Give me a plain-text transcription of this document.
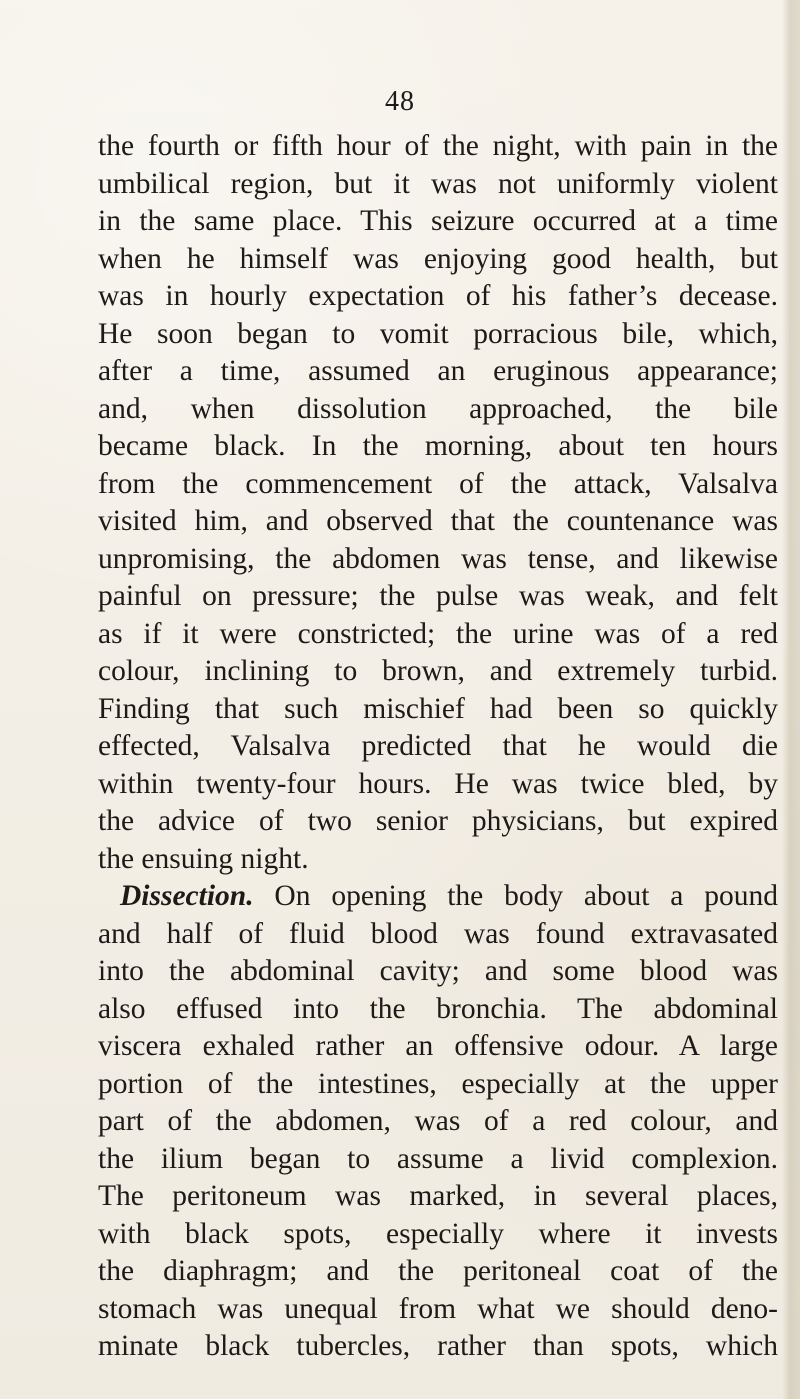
48
the fourth or fifth hour of the night, with pain in the
umbilical region, but it was not uniformly violent
in the same place. This seizure occurred at a time
when he himself was enjoying good health, but
was in hourly expectation of his father’s decease.
He soon began to vomit porracious bile, which,
after a time, assumed an eruginous appearance;
and, when dissolution approached, the bile
became black. In the morning, about ten hours
from the commencement of the attack, Valsalva
visited him, and observed that the countenance was
unpromising, the abdomen was tense, and likewise
painful on pressure; the pulse was weak, and felt
as if it were constricted; the urine was of a red
colour, inclining to brown, and extremely turbid.
Finding that such mischief had been so quickly
effected, Valsalva predicted that he would die
within twenty-four hours. He was twice bled, by
the advice of two senior physicians, but expired
the ensuing night.
Dissection. On opening the body about a pound
and half of fluid blood was found extravasated
into the abdominal cavity; and some blood was
also effused into the bronchia. The abdominal
viscera exhaled rather an offensive odour. A large
portion of the intestines, especially at the upper
part of the abdomen, was of a red colour, and
the ilium began to assume a livid complexion.
The peritoneum was marked, in several places,
with black spots, especially where it invests
the diaphragm; and the peritoneal coat of the
stomach was unequal from what we should deno-
minate black tubercles, rather than spots, which
